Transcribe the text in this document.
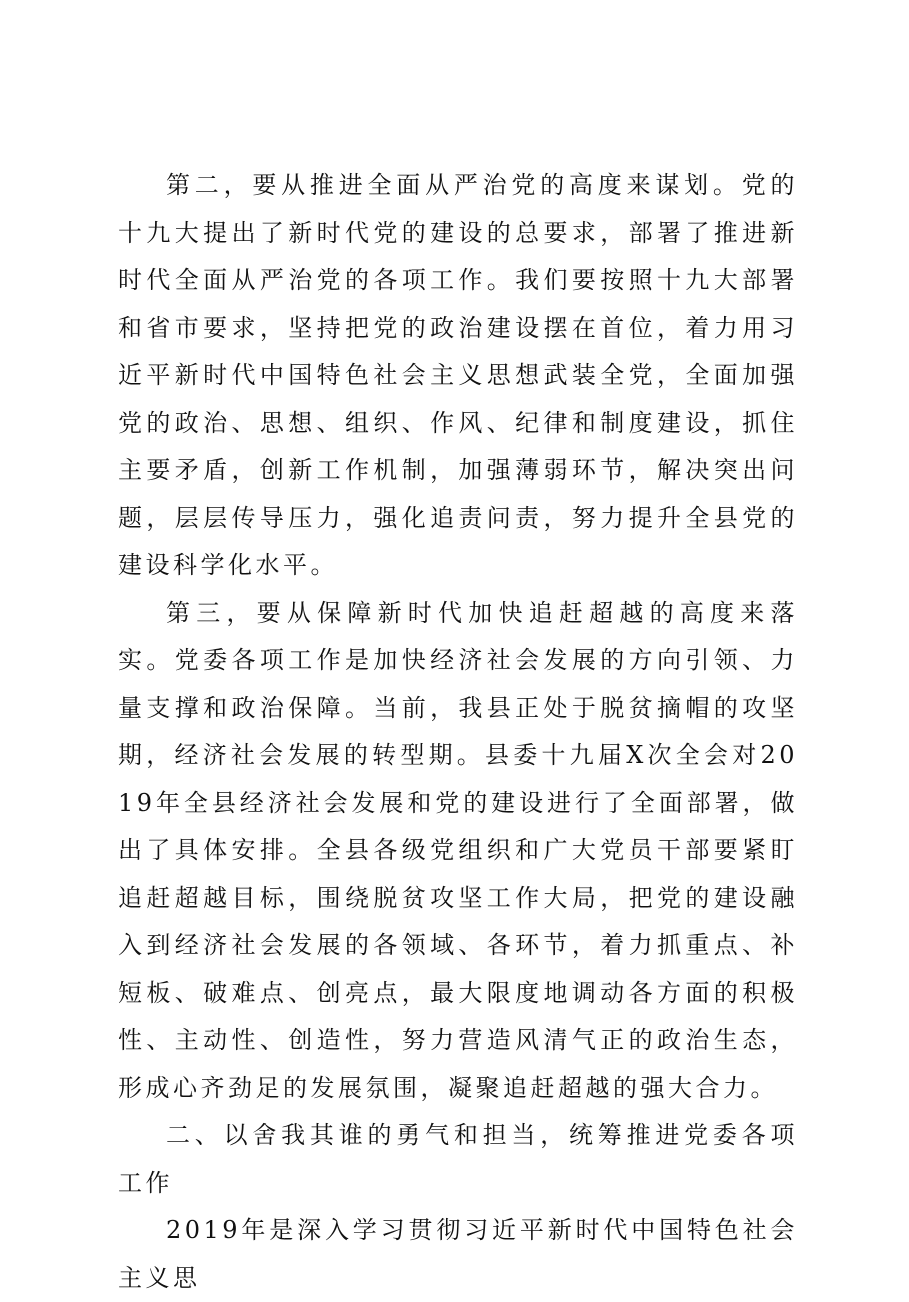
第二，要从推进全面从严治党的高度来谋划。党的十九大提出了新时代党的建设的总要求，部署了推进新时代全面从严治党的各项工作。我们要按照十九大部署和省市要求，坚持把党的政治建设摆在首位，着力用习近平新时代中国特色社会主义思想武装全党，全面加强党的政治、思想、组织、作风、纪律和制度建设，抓住主要矛盾，创新工作机制，加强薄弱环节，解决突出问题，层层传导压力，强化追责问责，努力提升全县党的建设科学化水平。

第三，要从保障新时代加快追赶超越的高度来落实。党委各项工作是加快经济社会发展的方向引领、力量支撑和政治保障。当前，我县正处于脱贫摘帽的攻坚期，经济社会发展的转型期。县委十九届X次全会对2019年全县经济社会发展和党的建设进行了全面部署，做出了具体安排。全县各级党组织和广大党员干部要紧盯追赶超越目标，围绕脱贫攻坚工作大局，把党的建设融入到经济社会发展的各领域、各环节，着力抓重点、补短板、破难点、创亮点，最大限度地调动各方面的积极性、主动性、创造性，努力营造风清气正的政治生态，形成心齐劲足的发展氛围，凝聚追赶超越的强大合力。

二、以舍我其谁的勇气和担当，统筹推进党委各项工作

2019年是深入学习贯彻习近平新时代中国特色社会主义思
